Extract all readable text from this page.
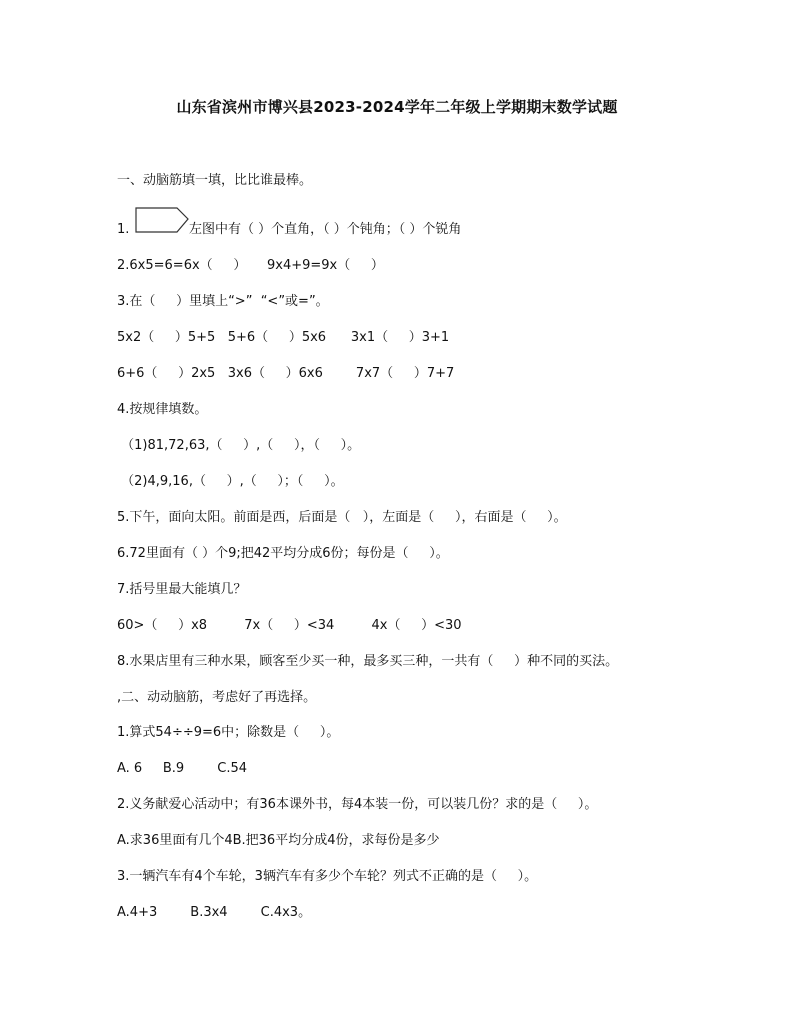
山东省滨州市博兴县2023-2024学年二年级上学期期末数学试题
一、动脑筋填一填，比比谁最棒。
1.	左图中有（ ）个直角，（ ）个钝角；（ ）个锐角
2.6x5=6=6x（     ）     9x4+9=9x（     ）
3.在（     ）里填上“>”  “<”或=”。
5x2（     ）5+5   5+6（     ）5x6      3x1（     ）3+1
6+6（     ）2x5   3x6（     ）6x6        7x7（     ）7+7
4.按规律填数。
（1)81,72,63,（     ）,（     ），（     ）。
（2)4,9,16,（     ）,（     ）；（     ）。
5.下午，面向太阳。前面是西，后面是（   ），左面是（     ），右面是（     ）。
6.72里面有（ ）个9;把42平均分成6份；每份是（     ）。
7.括号里最大能填几？
60>（     ）x8         7x（     ）<34         4x（     ）<30
8.水果店里有三种水果，顾客至少买一种，最多买三种，一共有（     ）种不同的买法。
,二、动动脑筋，考虑好了再选择。
1.算式54÷÷9=6中；除数是（     ）。
A. 6     B.9        C.54
2.义务献爱心活动中；有36本课外书，每4本装一份，可以装几份？求的是（     ）。
A.求36里面有几个4B.把36平均分成4份，求每份是多少
3.一辆汽车有4个车轮，3辆汽车有多少个车轮？列式不正确的是（     ）。
A.4+3        B.3x4        C.4x3。
